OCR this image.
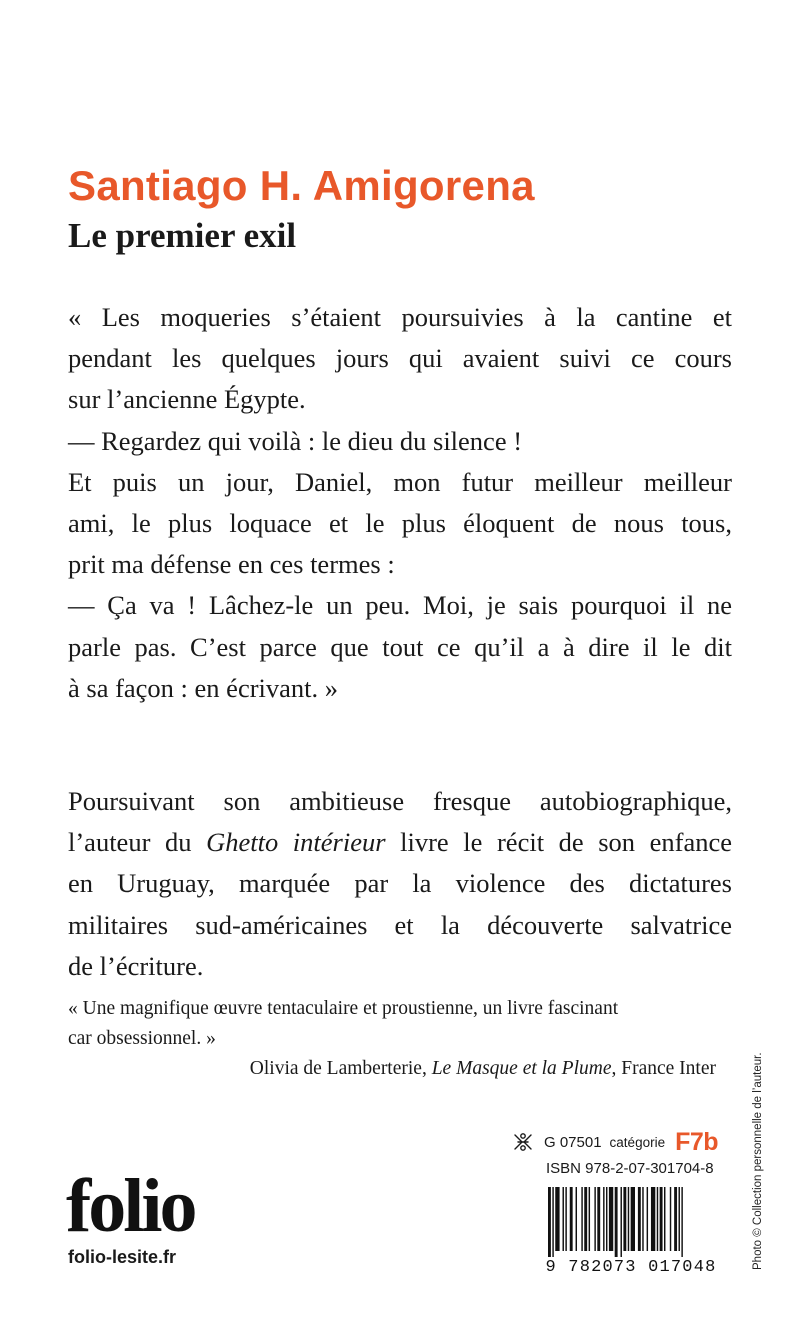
Santiago H. Amigorena
Le premier exil
« Les moqueries s’étaient poursuivies à la cantine et
pendant les quelques jours qui avaient suivi ce cours
sur l’ancienne Égypte.
— Regardez qui voilà : le dieu du silence !
Et puis un jour, Daniel, mon futur meilleur meilleur
ami, le plus loquace et le plus éloquent de nous tous,
prit ma défense en ces termes :
— Ça va ! Lâchez-le un peu. Moi, je sais pourquoi il ne
parle pas. C’est parce que tout ce qu’il a à dire il le dit
à sa façon : en écrivant. »
Poursuivant son ambitieuse fresque autobiographique,
l’auteur du Ghetto intérieur livre le récit de son enfance
en Uruguay, marquée par la violence des dictatures
militaires sud-américaines et la découverte salvatrice
de l’écriture.
« Une magnifique œuvre tentaculaire et proustienne, un livre fascinant
car obsessionnel. »
Olivia de Lamberterie, Le Masque et la Plume, France Inter
G 07501 catégorie F7b
ISBN 978-2-07-301704-8
folio
folio-lesite.fr
9 782073 017048	Photo © Collection personnelle de l’auteur.
